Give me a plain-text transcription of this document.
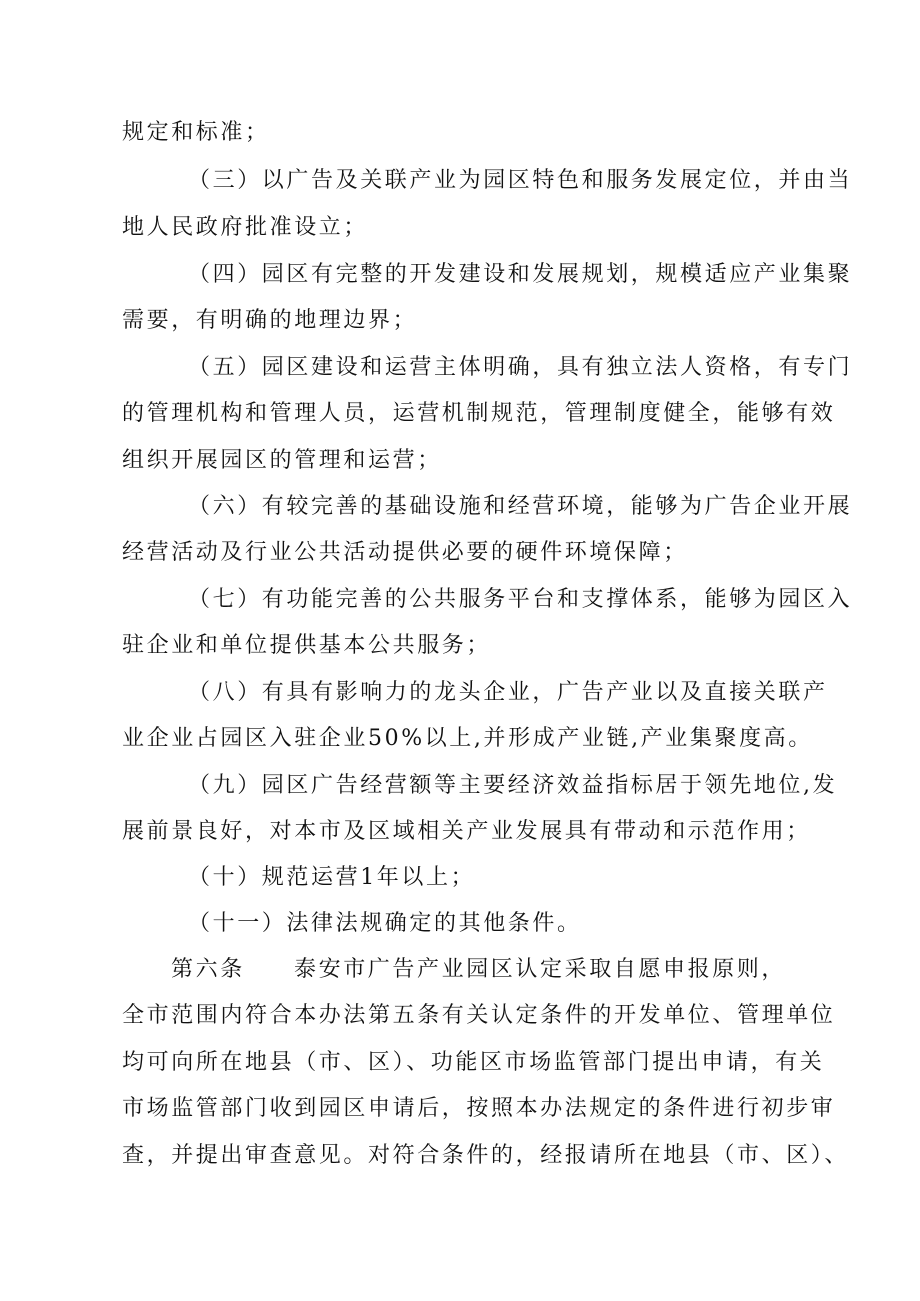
规定和标准；
（三）以广告及关联产业为园区特色和服务发展定位，并由当
地人民政府批准设立；
（四）园区有完整的开发建设和发展规划，规模适应产业集聚
需要，有明确的地理边界；
（五）园区建设和运营主体明确，具有独立法人资格，有专门
的管理机构和管理人员，运营机制规范，管理制度健全，能够有效
组织开展园区的管理和运营；
（六）有较完善的基础设施和经营环境，能够为广告企业开展
经营活动及行业公共活动提供必要的硬件环境保障；
（七）有功能完善的公共服务平台和支撑体系，能够为园区入
驻企业和单位提供基本公共服务；
（八）有具有影响力的龙头企业，广告产业以及直接关联产
业企业占园区入驻企业50%以上,并形成产业链,产业集聚度高。
（九）园区广告经营额等主要经济效益指标居于领先地位,发
展前景良好，对本市及区域相关产业发展具有带动和示范作用；
（十）规范运营1年以上；
（十一）法律法规确定的其他条件。
第六条　　泰安市广告产业园区认定采取自愿申报原则，
全市范围内符合本办法第五条有关认定条件的开发单位、管理单位
均可向所在地县（市、区）、功能区市场监管部门提出申请，有关
市场监管部门收到园区申请后，按照本办法规定的条件进行初步审
查，并提出审查意见。对符合条件的，经报请所在地县（市、区）、
